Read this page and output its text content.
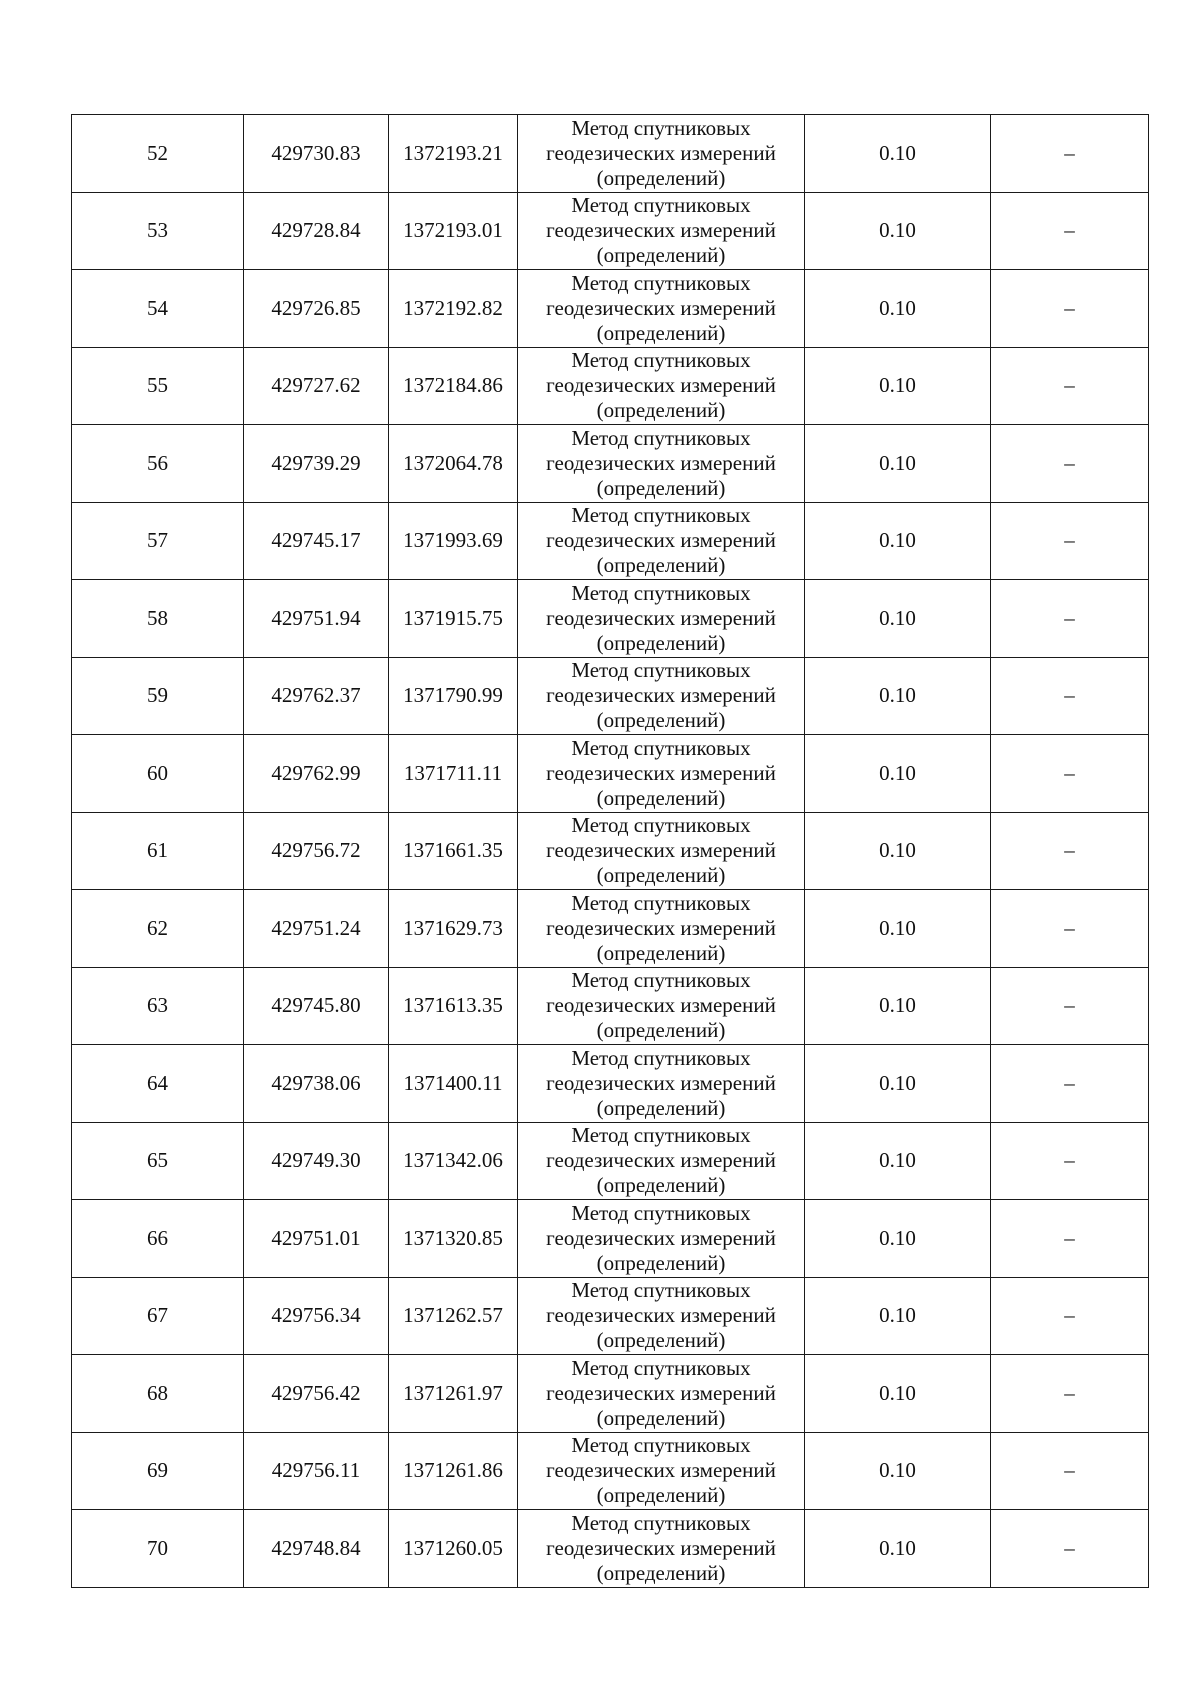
52	429730.83	1372193.21	Метод спутниковых геодезических измерений (определений)	0.10	–
53	429728.84	1372193.01	Метод спутниковых геодезических измерений (определений)	0.10	–
54	429726.85	1372192.82	Метод спутниковых геодезических измерений (определений)	0.10	–
55	429727.62	1372184.86	Метод спутниковых геодезических измерений (определений)	0.10	–
56	429739.29	1372064.78	Метод спутниковых геодезических измерений (определений)	0.10	–
57	429745.17	1371993.69	Метод спутниковых геодезических измерений (определений)	0.10	–
58	429751.94	1371915.75	Метод спутниковых геодезических измерений (определений)	0.10	–
59	429762.37	1371790.99	Метод спутниковых геодезических измерений (определений)	0.10	–
60	429762.99	1371711.11	Метод спутниковых геодезических измерений (определений)	0.10	–
61	429756.72	1371661.35	Метод спутниковых геодезических измерений (определений)	0.10	–
62	429751.24	1371629.73	Метод спутниковых геодезических измерений (определений)	0.10	–
63	429745.80	1371613.35	Метод спутниковых геодезических измерений (определений)	0.10	–
64	429738.06	1371400.11	Метод спутниковых геодезических измерений (определений)	0.10	–
65	429749.30	1371342.06	Метод спутниковых геодезических измерений (определений)	0.10	–
66	429751.01	1371320.85	Метод спутниковых геодезических измерений (определений)	0.10	–
67	429756.34	1371262.57	Метод спутниковых геодезических измерений (определений)	0.10	–
68	429756.42	1371261.97	Метод спутниковых геодезических измерений (определений)	0.10	–
69	429756.11	1371261.86	Метод спутниковых геодезических измерений (определений)	0.10	–
70	429748.84	1371260.05	Метод спутниковых геодезических измерений (определений)	0.10	–
